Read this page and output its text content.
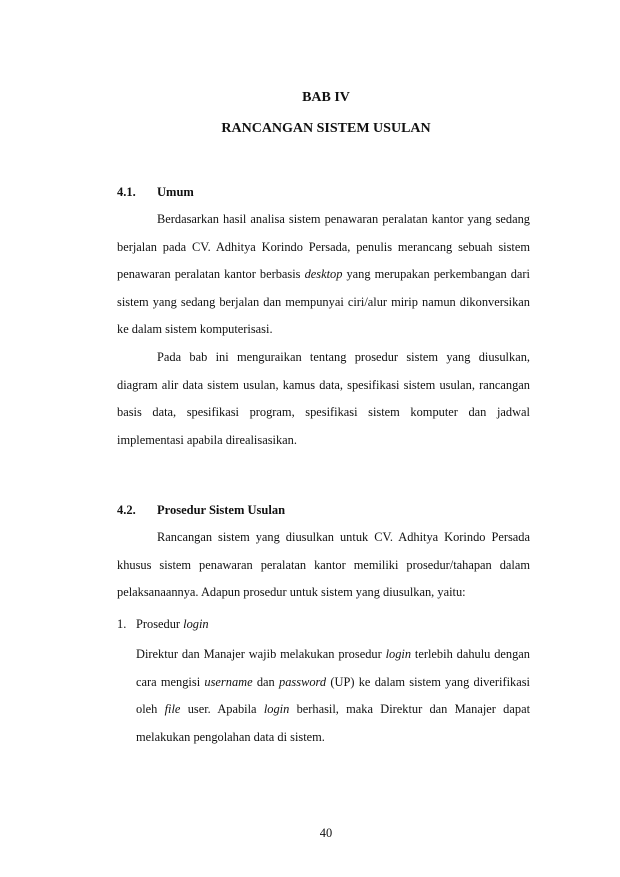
BAB IV
RANCANGAN SISTEM USULAN
4.1. Umum

Berdasarkan hasil analisa sistem penawaran peralatan kantor yang sedang berjalan pada CV. Adhitya Korindo Persada, penulis merancang sebuah sistem penawaran peralatan kantor berbasis desktop yang merupakan perkembangan dari sistem yang sedang berjalan dan mempunyai ciri/alur mirip namun dikonversikan ke dalam sistem komputerisasi.

Pada bab ini menguraikan tentang prosedur sistem yang diusulkan, diagram alir data sistem usulan, kamus data, spesifikasi sistem usulan, rancangan basis data, spesifikasi program, spesifikasi sistem komputer dan jadwal implementasi apabila direalisasikan.

4.2. Prosedur Sistem Usulan

Rancangan sistem yang diusulkan untuk CV. Adhitya Korindo Persada khusus sistem penawaran peralatan kantor memiliki prosedur/tahapan dalam pelaksanaannya. Adapun prosedur untuk sistem yang diusulkan, yaitu:

1. Prosedur login

Direktur dan Manajer wajib melakukan prosedur login terlebih dahulu dengan cara mengisi username dan password (UP) ke dalam sistem yang diverifikasi oleh file user. Apabila login berhasil, maka Direktur dan Manajer dapat melakukan pengolahan data di sistem.

40
